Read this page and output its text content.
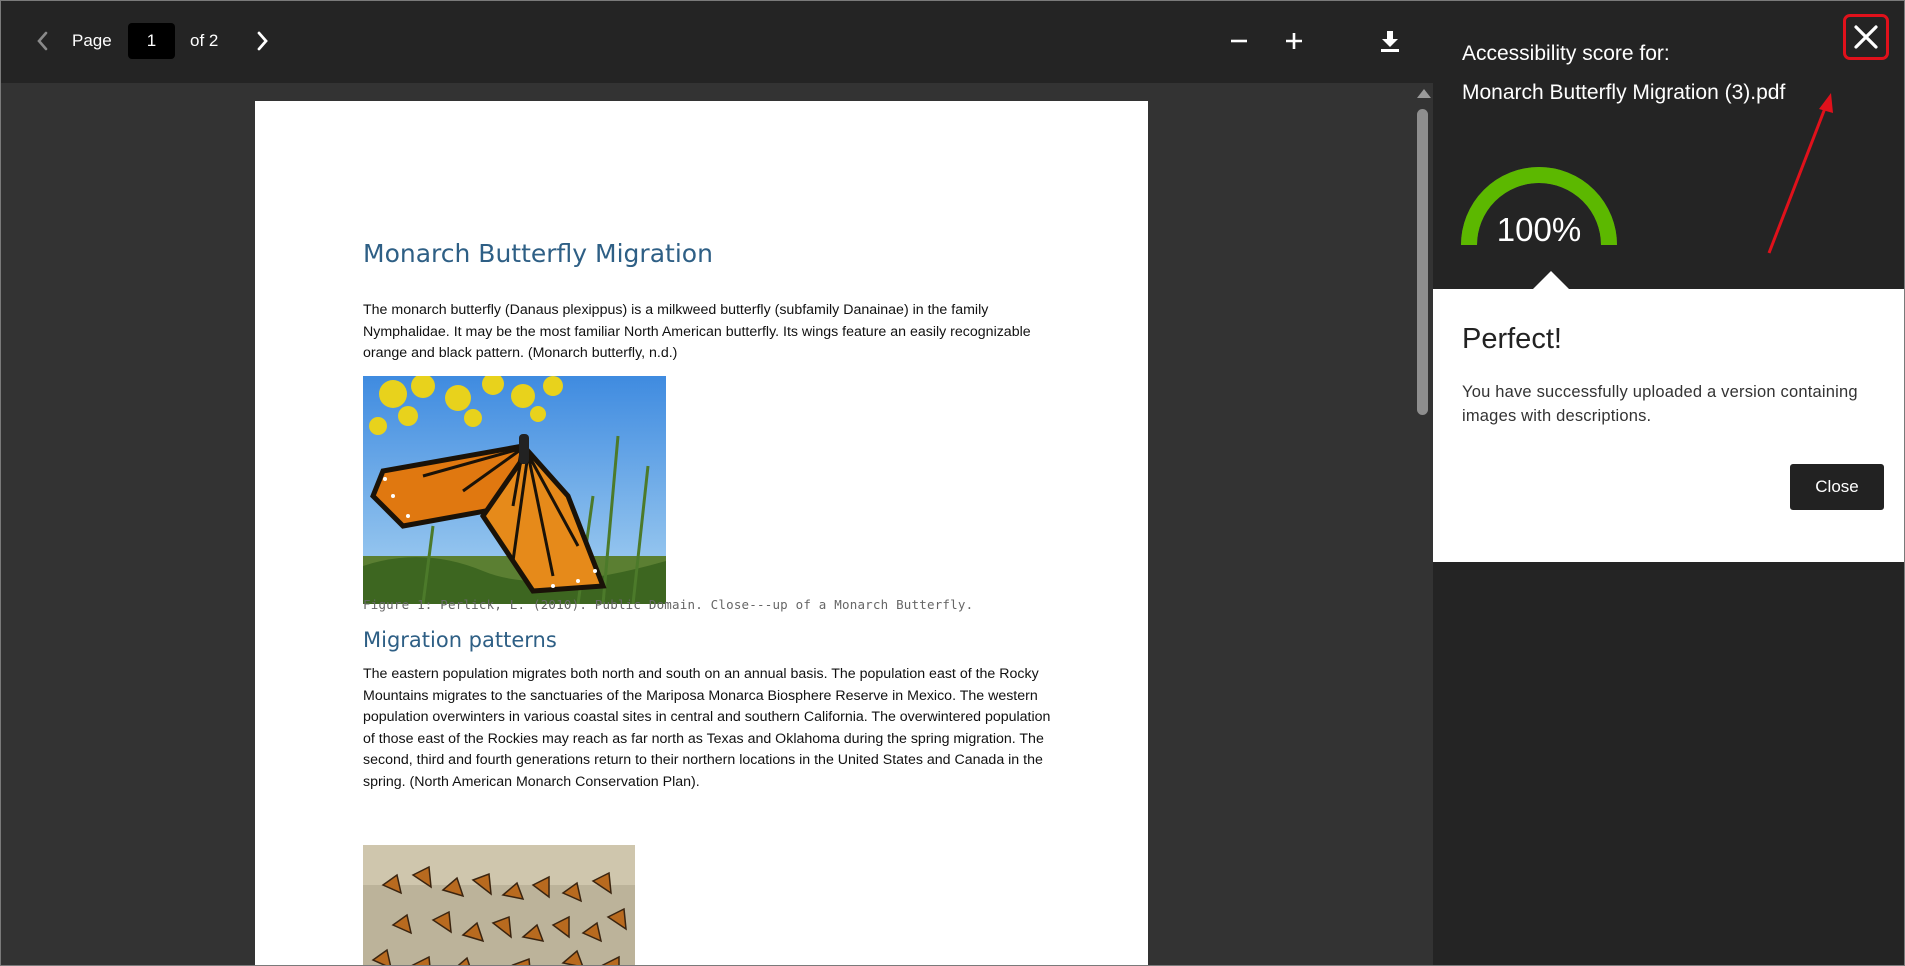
Page
1	of 2
Monarch Butterfly Migration
The monarch butterfly (Danaus plexippus) is a milkweed butterfly (subfamily Danainae) in the family Nymphalidae. It may be the most familiar North American butterfly. Its wings feature an easily recognizable orange and black pattern. (Monarch butterfly, n.d.)
Figure 1: Perlick, L. (2010). Public Domain. Close---up of a Monarch Butterfly.
Migration patterns
The eastern population migrates both north and south on an annual basis. The population east of the Rocky Mountains migrates to the sanctuaries of the Mariposa Monarca Biosphere Reserve in Mexico. The western population overwinters in various coastal sites in central and southern California. The overwintered population of those east of the Rockies may reach as far north as Texas and Oklahoma during the spring migration. The second, third and fourth generations return to their northern locations in the United States and Canada in the spring. (North American Monarch Conservation Plan).
Accessibility score for:
Monarch Butterfly Migration (3).pdf
100%
Perfect!
You have successfully uploaded a version containing images with descriptions.
Close
